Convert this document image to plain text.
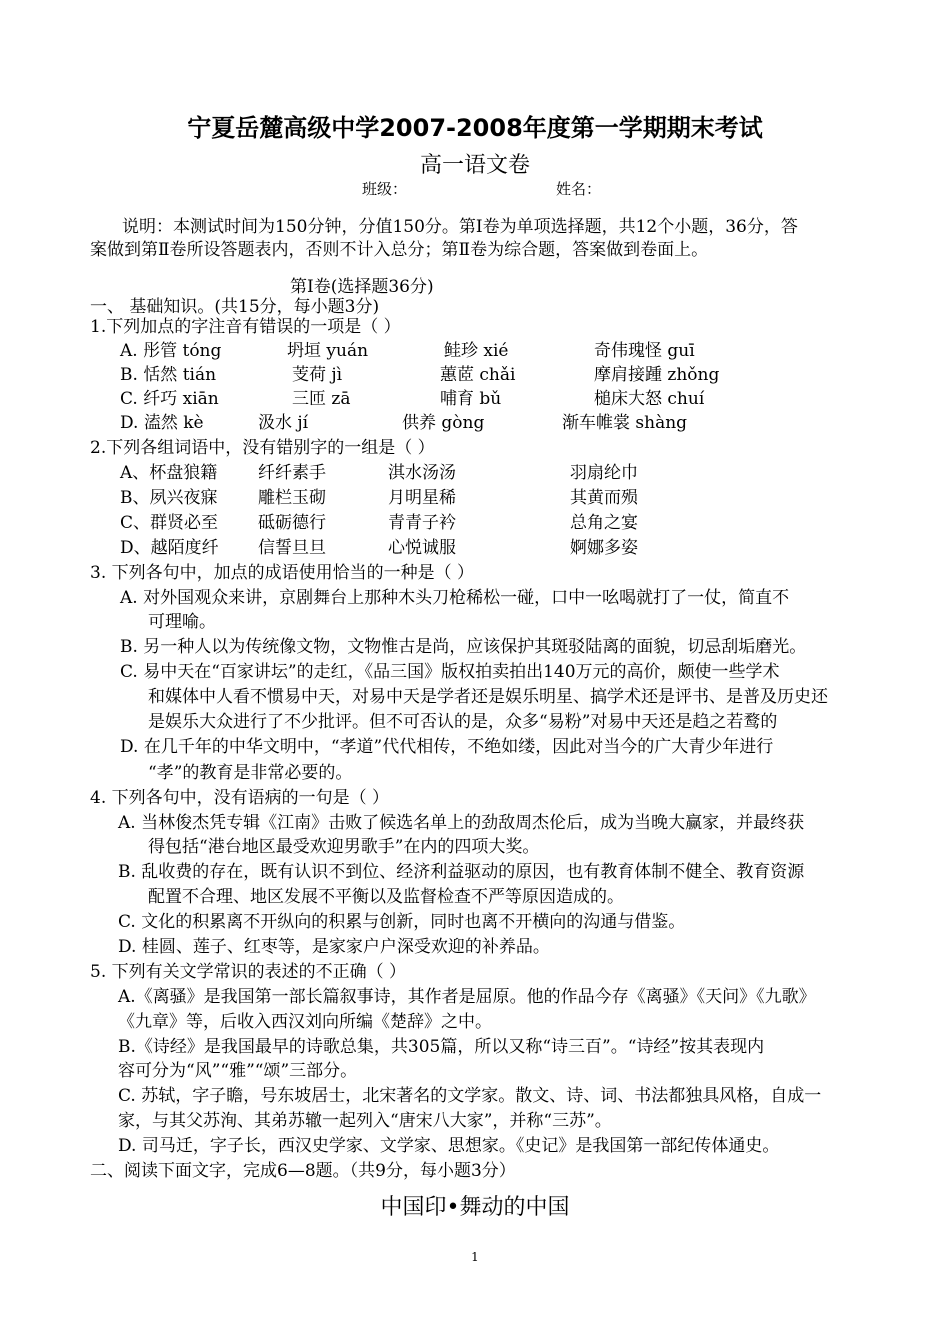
宁夏岳麓高级中学2007-2008年度第一学期期末考试
高一语文卷
班级：	姓名：
说明：本测试时间为150分钟，分值150分。第Ⅰ卷为单项选择题，共12个小题，36分，答
案做到第Ⅱ卷所设答题表内，否则不计入总分；第Ⅱ卷为综合题，答案做到卷面上。
第Ⅰ卷(选择题36分)
一、 基础知识。(共15分，每小题3分)
1.下列加点的字注音有错误的一项是（ ）
A. 彤管 tóng	坍垣 yuán	鲑珍 xié	奇伟瑰怪 guī
B. 恬然 tián	芰荷 jì	蕙茝 chǎi	摩肩接踵 zhǒng
C. 纤巧 xiān	三匝 zā	哺育 bǔ	槌床大怒 chuí
D. 溘然 kè	汲水 jí	供养 gòng	渐车帷裳 shàng
2.下列各组词语中，没有错别字的一组是（ ）
A、杯盘狼籍 纤纤素手	淇水汤汤	羽扇纶巾
B、夙兴夜寐 雕栏玉砌	月明星稀	其黄而殒
C、群贤必至 砥砺德行	青青子衿	总角之宴
D、越陌度纤 信誓旦旦	心悦诚服	婀娜多姿
3. 下列各句中，加点的成语使用恰当的一种是（ ）
A. 对外国观众来讲，京剧舞台上那种木头刀枪稀松一碰，口中一吆喝就打了一仗，简直不
可理喻。
B. 另一种人以为传统像文物，文物惟古是尚，应该保护其斑驳陆离的面貌，切忌刮垢磨光。
C. 易中天在“百家讲坛”的走红，《品三国》版权拍卖拍出140万元的高价，颇使一些学术
和媒体中人看不惯易中天，对易中天是学者还是娱乐明星、搞学术还是评书、是普及历史还
是娱乐大众进行了不少批评。但不可否认的是，众多“易粉”对易中天还是趋之若鹜的
D. 在几千年的中华文明中，“孝道”代代相传，不绝如缕，因此对当今的广大青少年进行
“孝”的教育是非常必要的。
4. 下列各句中，没有语病的一句是（ ）
A. 当林俊杰凭专辑《江南》击败了候选名单上的劲敌周杰伦后，成为当晚大赢家，并最终获
得包括“港台地区最受欢迎男歌手”在内的四项大奖。
B. 乱收费的存在，既有认识不到位、经济利益驱动的原因，也有教育体制不健全、教育资源
配置不合理、地区发展不平衡以及监督检查不严等原因造成的。
C. 文化的积累离不开纵向的积累与创新，同时也离不开横向的沟通与借鉴。
D. 桂圆、莲子、红枣等，是家家户户深受欢迎的补养品。
5. 下列有关文学常识的表述的不正确（ ）
A.《离骚》是我国第一部长篇叙事诗，其作者是屈原。他的作品今存《离骚》《天问》《九歌》
《九章》等，后收入西汉刘向所编《楚辞》之中。
B.《诗经》是我国最早的诗歌总集，共305篇，所以又称“诗三百”。“诗经”按其表现内
容可分为“风”“雅”“颂”三部分。
C. 苏轼，字子瞻，号东坡居士，北宋著名的文学家。散文、诗、词、书法都独具风格，自成一
家，与其父苏洵、其弟苏辙一起列入“唐宋八大家”，并称“三苏”。
D. 司马迁，字子长，西汉史学家、文学家、思想家。《史记》是我国第一部纪传体通史。
二、阅读下面文字，完成6—8题。（共9分，每小题3分）
中国印•舞动的中国
1
